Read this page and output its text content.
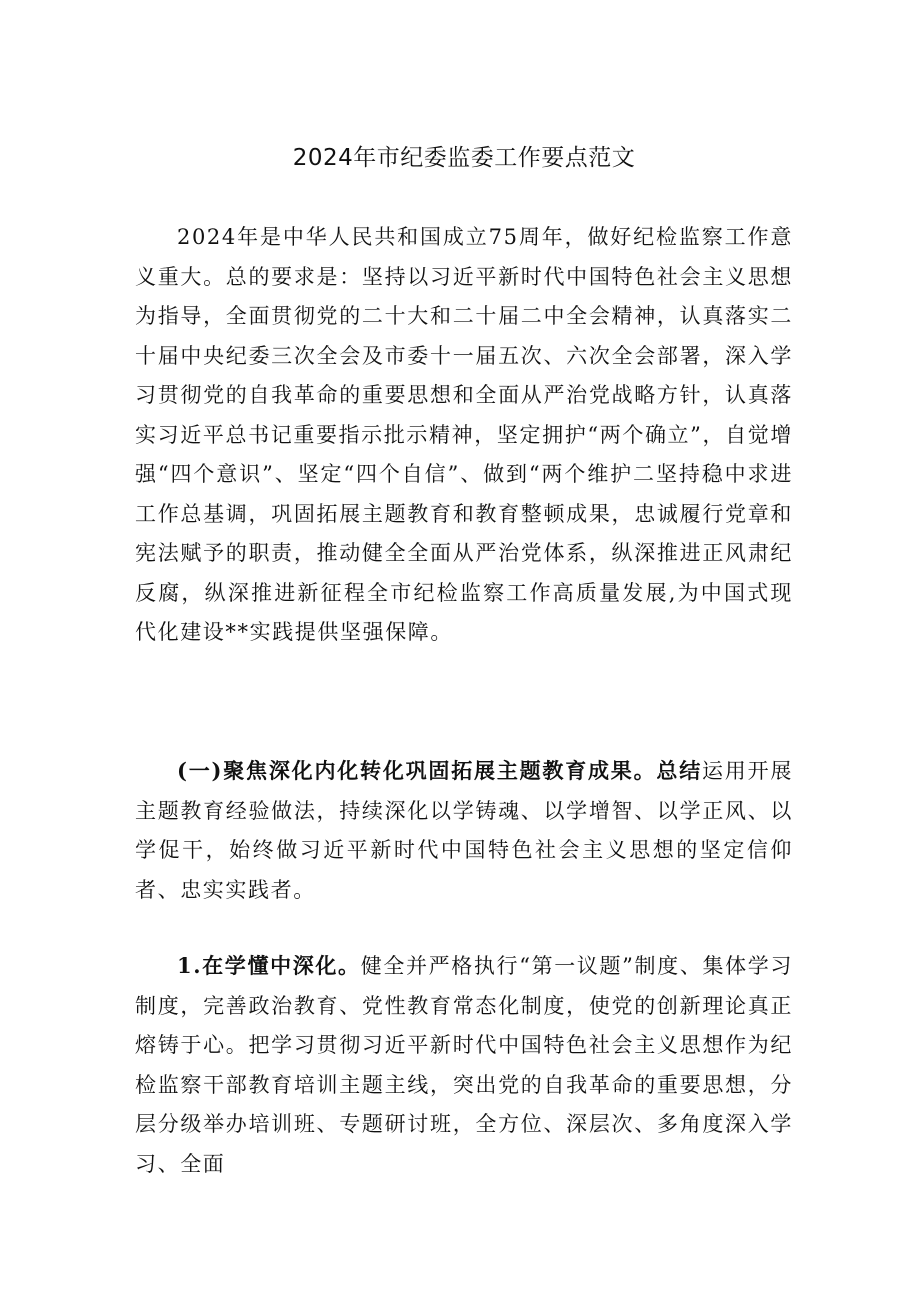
2024年市纪委监委工作要点范文

2024年是中华人民共和国成立75周年，做好纪检监察工作意义重大。总的要求是：坚持以习近平新时代中国特色社会主义思想为指导，全面贯彻党的二十大和二十届二中全会精神，认真落实二十届中央纪委三次全会及市委十一届五次、六次全会部署，深入学习贯彻党的自我革命的重要思想和全面从严治党战略方针，认真落实习近平总书记重要指示批示精神，坚定拥护“两个确立”，自觉增强“四个意识”、坚定“四个自信”、做到“两个维护二坚持稳中求进工作总基调，巩固拓展主题教育和教育整顿成果，忠诚履行党章和宪法赋予的职责，推动健全全面从严治党体系，纵深推进正风肃纪反腐，纵深推进新征程全市纪检监察工作高质量发展,为中国式现代化建设**实践提供坚强保障。

(一)聚焦深化内化转化巩固拓展主题教育成果。总结运用开展主题教育经验做法，持续深化以学铸魂、以学增智、以学正风、以学促干，始终做习近平新时代中国特色社会主义思想的坚定信仰者、忠实实践者。

1.在学懂中深化。健全并严格执行“第一议题”制度、集体学习制度，完善政治教育、党性教育常态化制度，使党的创新理论真正熔铸于心。把学习贯彻习近平新时代中国特色社会主义思想作为纪检监察干部教育培训主题主线，突出党的自我革命的重要思想，分层分级举办培训班、专题研讨班，全方位、深层次、多角度深入学习、全面
